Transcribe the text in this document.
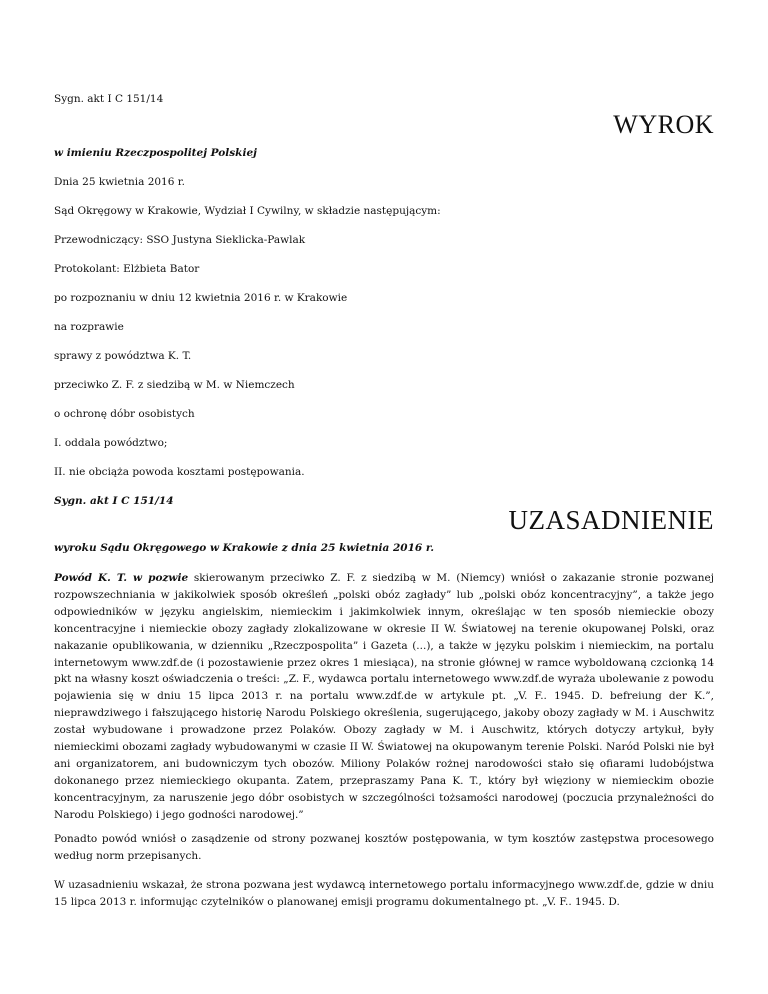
Sygn. akt I C 151/14
WYROK
w imieniu Rzeczpospolitej Polskiej
Dnia 25 kwietnia 2016 r.
Sąd Okręgowy w Krakowie, Wydział I Cywilny, w składzie następującym:
Przewodniczący: SSO Justyna Sieklicka-Pawlak
Protokolant: Elżbieta Bator
po rozpoznaniu w dniu 12 kwietnia 2016 r. w Krakowie
na rozprawie
sprawy z powództwa K. T.
przeciwko Z. F. z siedzibą w M. w Niemczech
o ochronę dóbr osobistych
I. oddala powództwo;
II. nie obciąża powoda kosztami postępowania.
Sygn. akt I C 151/14
UZASADNIENIE
wyroku Sądu Okręgowego w Krakowie z dnia 25 kwietnia 2016 r.
Powód K. T. w pozwie skierowanym przeciwko Z. F. z siedzibą w M. (Niemcy) wniósł o zakazanie stronie pozwanej rozpowszechniania w jakikolwiek sposób określeń „polski obóz zagłady” lub „polski obóz koncentracyjny”, a także jego odpowiedników w języku angielskim, niemieckim i jakimkolwiek innym, określając w ten sposób niemieckie obozy koncentracyjne i niemieckie obozy zagłady zlokalizowane w okresie II W. Światowej na terenie okupowanej Polski, oraz nakazanie opublikowania, w dzienniku „Rzeczpospolita” i Gazeta (...), a także w języku polskim i niemieckim, na portalu internetowym www.zdf.de (i pozostawienie przez okres 1 miesiąca), na stronie głównej w ramce wyboldowaną czcionką 14 pkt na własny koszt oświadczenia o treści: „Z. F., wydawca portalu internetowego www.zdf.de wyraża ubolewanie z powodu pojawienia się w dniu 15 lipca 2013 r. na portalu www.zdf.de w artykule pt. „V. F.. 1945. D. befreiung der K.”, nieprawdziwego i fałszującego historię Narodu Polskiego określenia, sugerującego, jakoby obozy zagłady w M. i Auschwitz został wybudowane i prowadzone przez Polaków. Obozy zagłady w M. i Auschwitz, których dotyczy artykuł, były niemieckimi obozami zagłady wybudowanymi w czasie II W. Światowej na okupowanym terenie Polski. Naród Polski nie był ani organizatorem, ani budowniczym tych obozów. Miliony Polaków rożnej narodowości stało się ofiarami ludobójstwa dokonanego przez niemieckiego okupanta. Zatem, przepraszamy Pana K. T., który był więziony w niemieckim obozie koncentracyjnym, za naruszenie jego dóbr osobistych w szczególności tożsamości narodowej (poczucia przynależności do Narodu Polskiego) i jego godności narodowej.”
Ponadto powód wniósł o zasądzenie od strony pozwanej kosztów postępowania, w tym kosztów zastępstwa procesowego według norm przepisanych.
W uzasadnieniu wskazał, że strona pozwana jest wydawcą internetowego portalu informacyjnego www.zdf.de, gdzie w dniu 15 lipca 2013 r. informując czytelników o planowanej emisji programu dokumentalnego pt. „V. F.. 1945. D.
